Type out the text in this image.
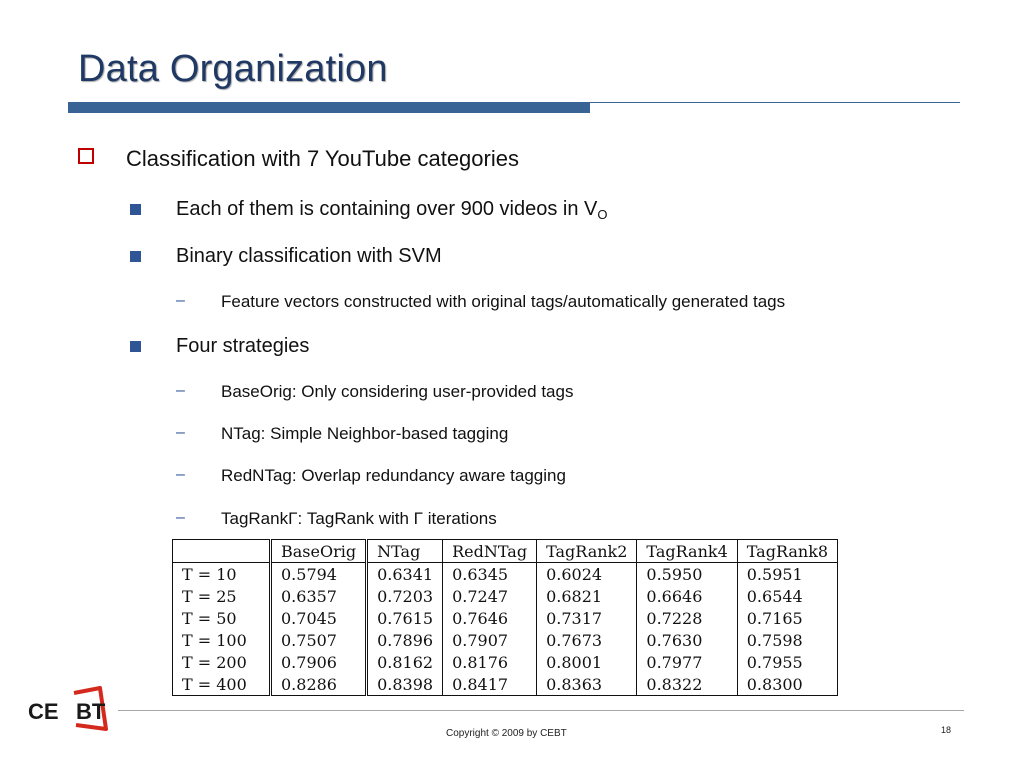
Data Organization
Classification with 7 YouTube categories
Each of them is containing over 900 videos in $V_O$
Binary classification with SVM
– Feature vectors constructed with original tags/automatically generated tags
Four strategies
– BaseOrig: Only considering user-provided tags
– NTag: Simple Neighbor-based tagging
– RedNTag: Overlap redundancy aware tagging
– TagRankΓ: TagRank with Γ iterations
	BaseOrig	NTag	RedNTag	TagRank2	TagRank4	TagRank8
T = 10	0.5794	0.6341	0.6345	0.6024	0.5950	0.5951
T = 25	0.6357	0.7203	0.7247	0.6821	0.6646	0.6544
T = 50	0.7045	0.7615	0.7646	0.7317	0.7228	0.7165
T = 100	0.7507	0.7896	0.7907	0.7673	0.7630	0.7598
T = 200	0.7906	0.8162	0.8176	0.8001	0.7977	0.7955
T = 400	0.8286	0.8398	0.8417	0.8363	0.8322	0.8300
CE BT
Copyright © 2009 by CEBT	18
